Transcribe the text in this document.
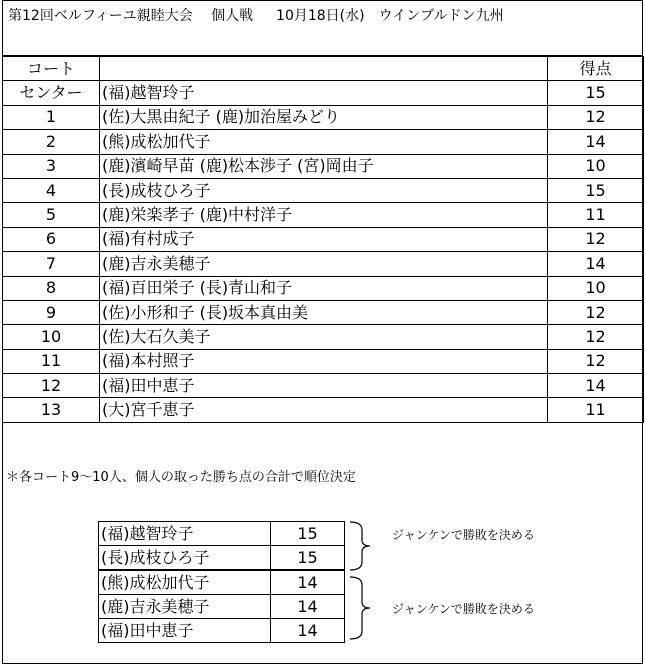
第12回ベルフィーユ親睦大会　 個人戦 　 10月18日(水)　ウインブルドン九州
コート		得点
センター	(福)越智玲子	15
1	(佐)大黒由紀子 (鹿)加治屋みどり	12
2	(熊)成松加代子	14
3	(鹿)濱崎早苗 (鹿)松本渉子 (宮)岡由子	10
4	(長)成枝ひろ子	15
5	(鹿)栄楽孝子 (鹿)中村洋子	11
6	(福)有村成子	12
7	(鹿)吉永美穂子	14
8	(福)百田栄子 (長)青山和子	10
9	(佐)小形和子 (長)坂本真由美	12
10	(佐)大石久美子	12
11	(福)本村照子	12
12	(福)田中恵子	14
13	(大)宮千恵子	11
＊各コート9～10人、個人の取った勝ち点の合計で順位決定
(福)越智玲子	15
(長)成枝ひろ子	15
(熊)成松加代子	14
(鹿)吉永美穂子	14
(福)田中恵子	14
ジャンケンで勝敗を決める
ジャンケンで勝敗を決める
